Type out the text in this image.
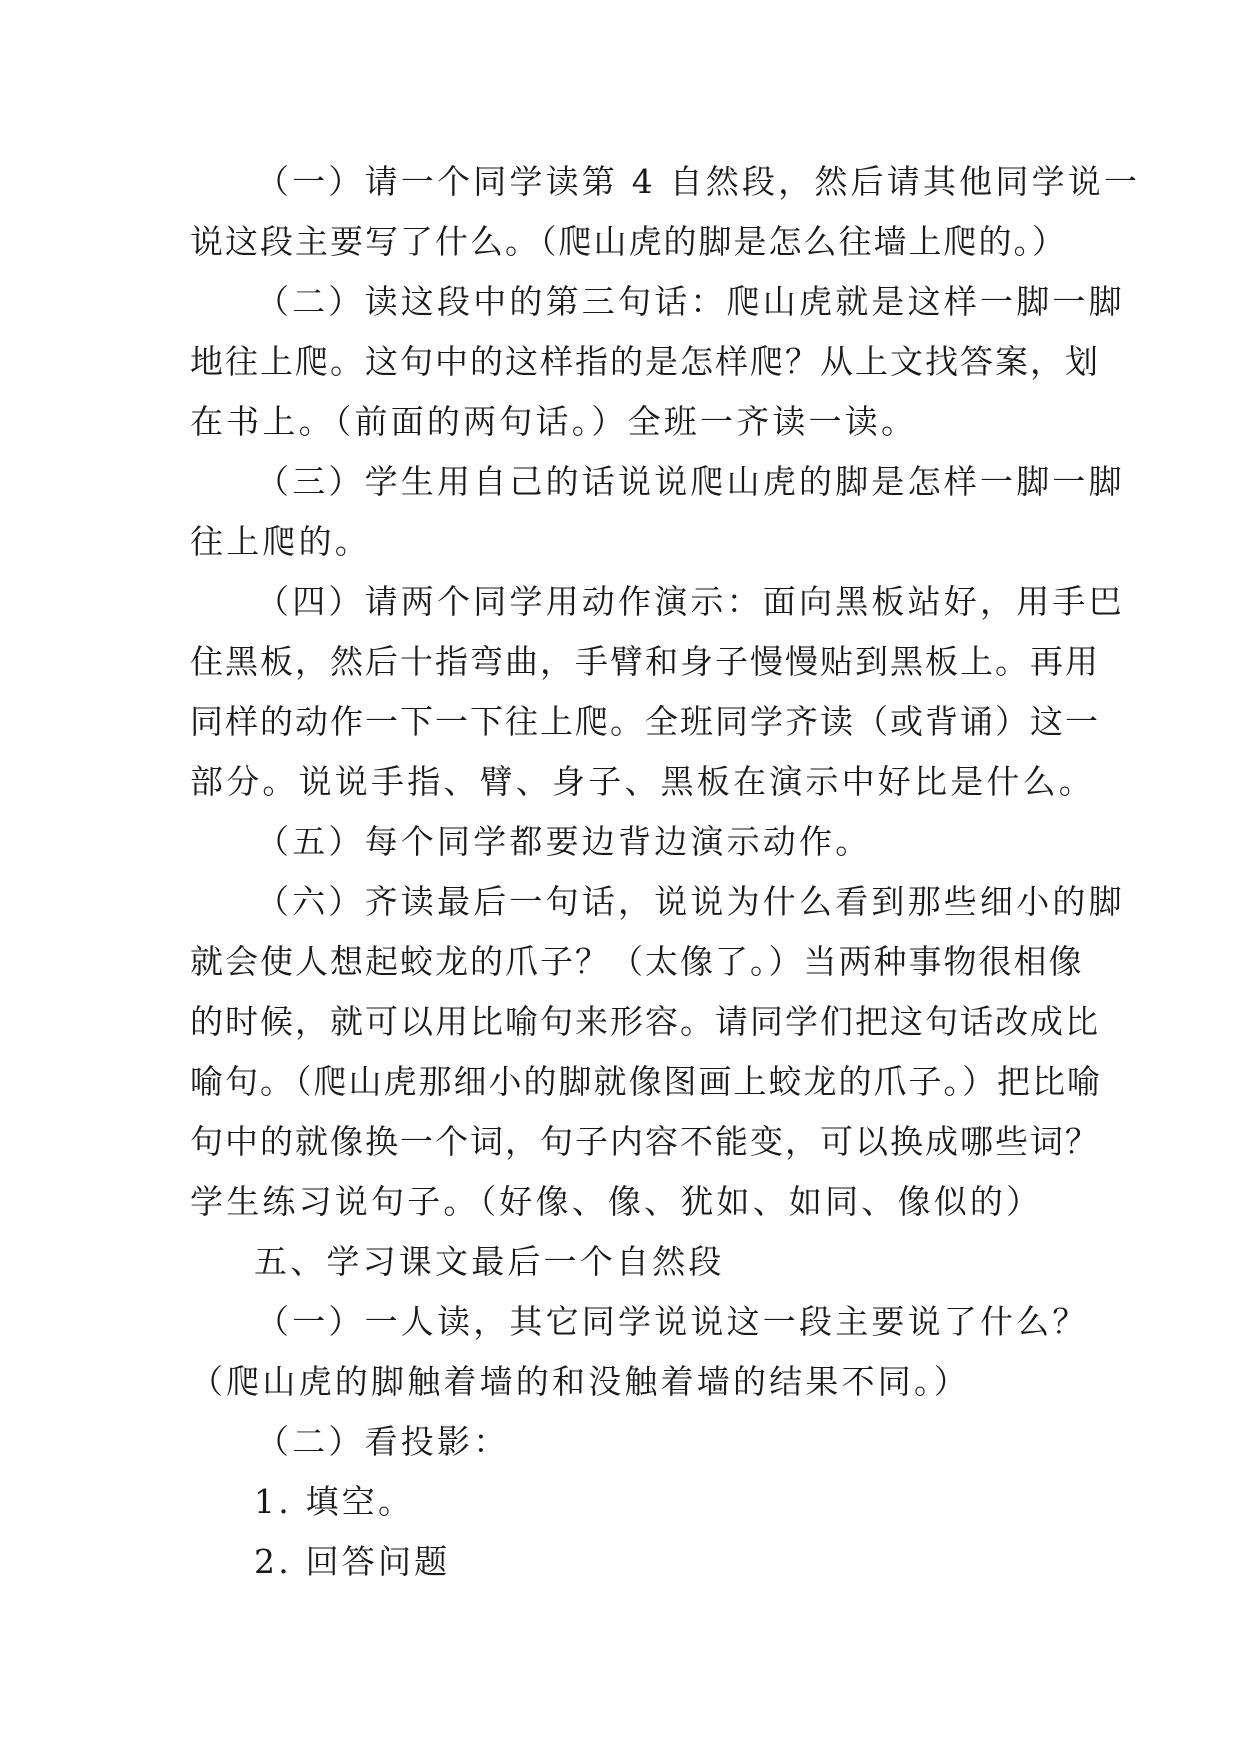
（一）请一个同学读第 4 自然段，然后请其他同学说一
说这段主要写了什么。（爬山虎的脚是怎么往墙上爬的。）
（二）读这段中的第三句话：爬山虎就是这样一脚一脚
地往上爬。这句中的这样指的是怎样爬？从上文找答案，划
在书上。（前面的两句话。）全班一齐读一读。
（三）学生用自己的话说说爬山虎的脚是怎样一脚一脚
往上爬的。
（四）请两个同学用动作演示：面向黑板站好，用手巴
住黑板，然后十指弯曲，手臂和身子慢慢贴到黑板上。再用
同样的动作一下一下往上爬。全班同学齐读（或背诵）这一
部分。说说手指、臂、身子、黑板在演示中好比是什么。
（五）每个同学都要边背边演示动作。
（六）齐读最后一句话，说说为什么看到那些细小的脚
就会使人想起蛟龙的爪子？（太像了。）当两种事物很相像
的时候，就可以用比喻句来形容。请同学们把这句话改成比
喻句。（爬山虎那细小的脚就像图画上蛟龙的爪子。）把比喻
句中的就像换一个词，句子内容不能变，可以换成哪些词？
学生练习说句子。（好像、像、犹如、如同、像似的）
五、学习课文最后一个自然段
（一）一人读，其它同学说说这一段主要说了什么？
（爬山虎的脚触着墙的和没触着墙的结果不同。）
（二）看投影：
1. 填空。
2. 回答问题
